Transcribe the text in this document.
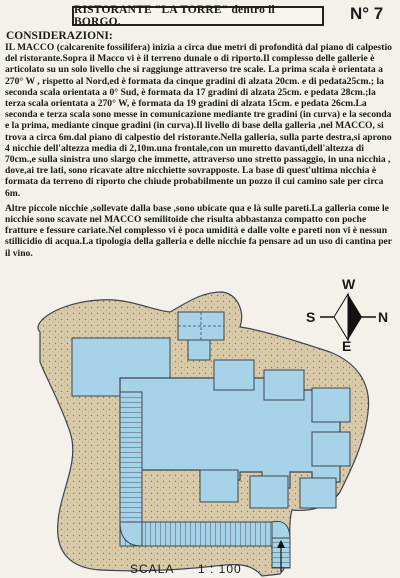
RISTORANTE "LA TORRE" dentro il BORGO.	N° 7
CONSIDERAZIONI:

IL MACCO (calcarenite fossilifera) inizia a circa due metri di profondità dal piano di calpestio del ristorante.Sopra il Macco vi è il terreno dunale o di riporto.Il complesso delle gallerie è articolato su un solo livello che si raggiunge attraverso tre scale. La prima scala è orientata a 270° W , rispetto al Nord,ed è formata da cinque gradini di alzata 20cm. e di pedata25cm.; la seconda scala orientata a 0° Sud, è formata da 17 gradini di alzata 25cm. e pedata 28cm.;la terza scala orientata a 270° W, è formata da 19 gradini di alzata 15cm. e pedata 26cm.La seconda e terza scala sono messe in comunicazione mediante tre gradini (in curva) e la seconda e la prima, mediante cinque gradini (in curva).Il livello di base della galleria ,nel MACCO, si trova a circa 6m.dal piano di calpestio del ristorante.Nella galleria, sulla parte destra,si aprono 4 nicchie dell'altezza media di 2,10m.una frontale,con un muretto davanti,dell'altezza di 70cm.,e sulla sinistra uno slargo che immette, attraverso uno stretto passaggio, in una nicchia , dove,ai tre lati, sono ricavate altre nicchiette sovrapposte. La base di quest'ultima nicchia è formata da terreno di riporto che chiude probabilmente un pozzo il cui camino sale per circa 6m.

Altre piccole nicchie ,sollevate dalla base ,sono ubicate qua e là sulle pareti.La galleria come le nicchie sono scavate nel MACCO semilitoide che risulta abbastanza compatto con poche fratture e fessure cariate.Nel complesso vi è poca umidità e dalle volte e pareti non vi è nessun stillicidio di acqua.La tipologia della galleria e delle nicchie fa pensare ad un uso di cantina per il vino.

W
S	N
E
SCALA 1 : 100
